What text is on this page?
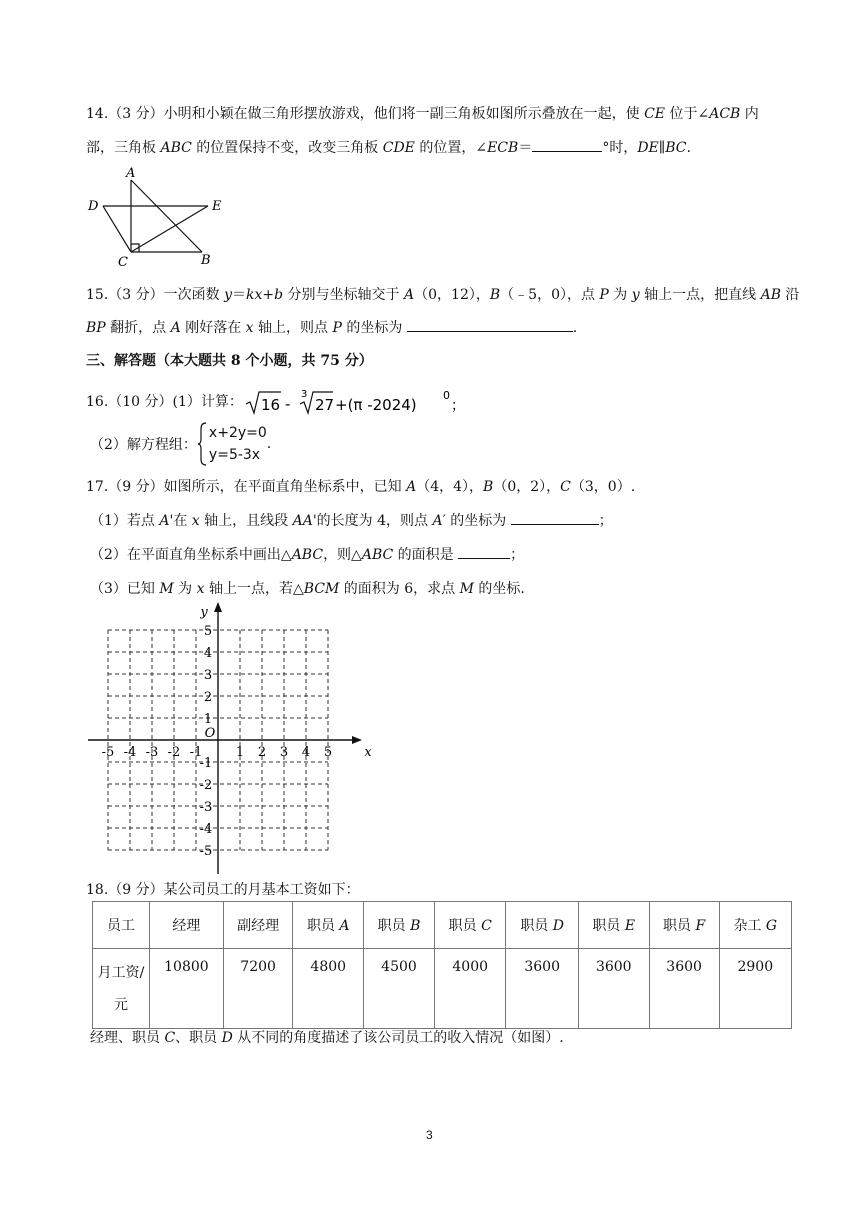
14.（3 分）小明和小颖在做三角形摆放游戏，他们将一副三角板如图所示叠放在一起，使 CE 位于∠ACB 内
部，三角板 ABC 的位置保持不变，改变三角板 CDE 的位置，∠ECB＝	°时，DE∥BC.
A
D	E
C	B
15.（3 分）一次函数 y＝kx+b 分别与坐标轴交于 A（0，12），B（﹣5，0），点 P 为 y 轴上一点，把直线 AB 沿
BP 翻折，点 A 刚好落在 x 轴上，则点 P 的坐标为	.
三、解答题（本大题共 8 个小题，共 75 分）
16.（10 分）(1）计算： 16 -
3
27 +(π -2024)
0
；
（2）解方程组：
x+2y=0
y=5-3x
.
17.（9 分）如图所示，在平面直角坐标系中，已知 A（4，4），B（0，2），C（3，0）.
（1）若点 A'在 x 轴上，且线段 AA'的长度为 4，则点 A′ 的坐标为	；
（2）在平面直角坐标系中画出△ABC，则△ABC 的面积是	；
（3）已知 M 为 x 轴上一点，若△BCM 的面积为 6，求点 M 的坐标.
-5 -4 -3 -2 -1	1 2 3 4 5
1
2
3
4
5
-1
-2
-3
-4
-5
O
x
y
18.（9 分）某公司员工的月基本工资如下：
员工	经理	副经理	职员 A	职员 B	职员 C	职员 D	职员 E	职员 F	杂工 G
月工资/
元	10800	7200	4800	4500	4000	3600	3600	3600	2900
经理、职员 C、职员 D 从不同的角度描述了该公司员工的收入情况（如图）.
3
